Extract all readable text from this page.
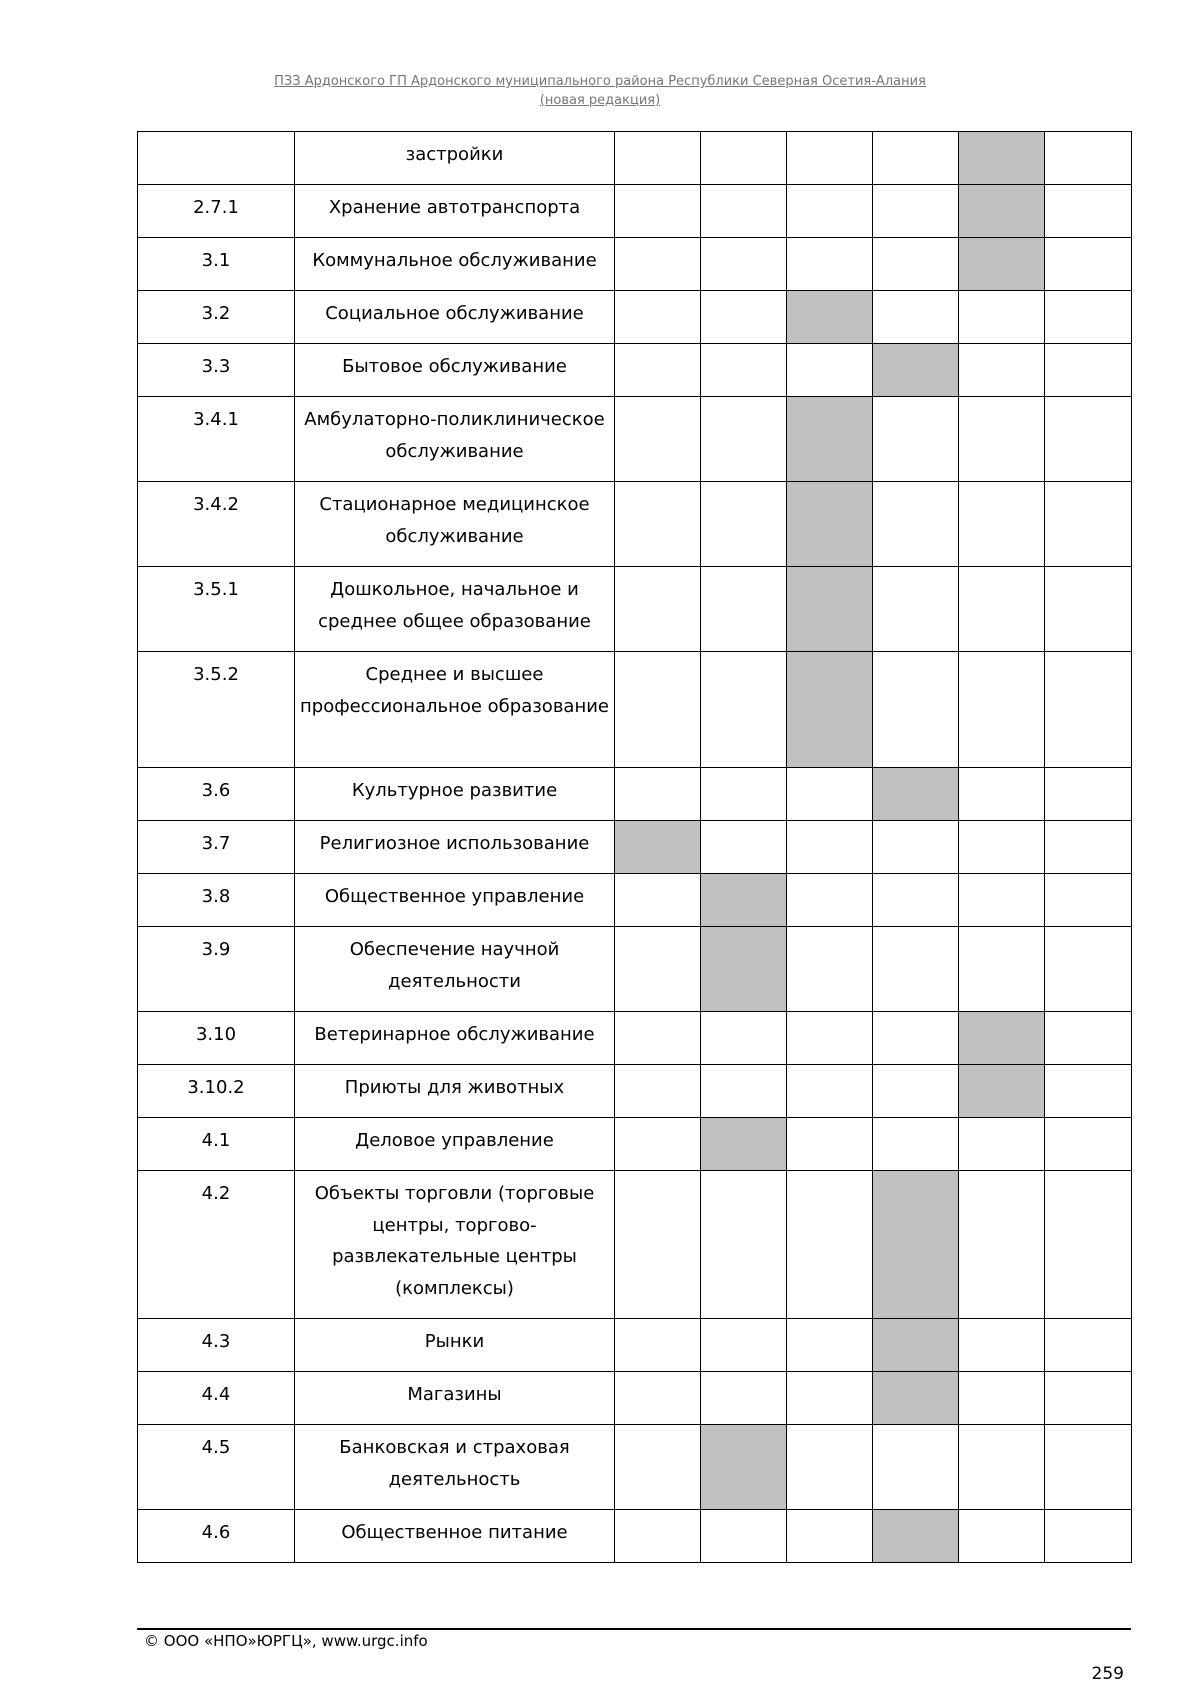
ПЗЗ Ардонского ГП Ардонского муниципального района Республики Северная Осетия-Алания
(новая редакция)
	застройки						
2.7.1	Хранение автотранспорта						
3.1	Коммунальное обслуживание						
3.2	Социальное обслуживание						
3.3	Бытовое обслуживание						
3.4.1	Амбулаторно-поликлиническое обслуживание						
3.4.2	Стационарное медицинское обслуживание						
3.5.1	Дошкольное, начальное и среднее общее образование						
3.5.2	Среднее и высшее профессиональное образование						
3.6	Культурное развитие						
3.7	Религиозное использование						
3.8	Общественное управление						
3.9	Обеспечение научной деятельности						
3.10	Ветеринарное обслуживание						
3.10.2	Приюты для животных						
4.1	Деловое управление						
4.2	Объекты торговли (торговые центры, торгово-развлекательные центры (комплексы)						
4.3	Рынки						
4.4	Магазины						
4.5	Банковская и страховая деятельность						
4.6	Общественное питание						
© ООО «НПО»ЮРГЦ», www.urgc.info
259
